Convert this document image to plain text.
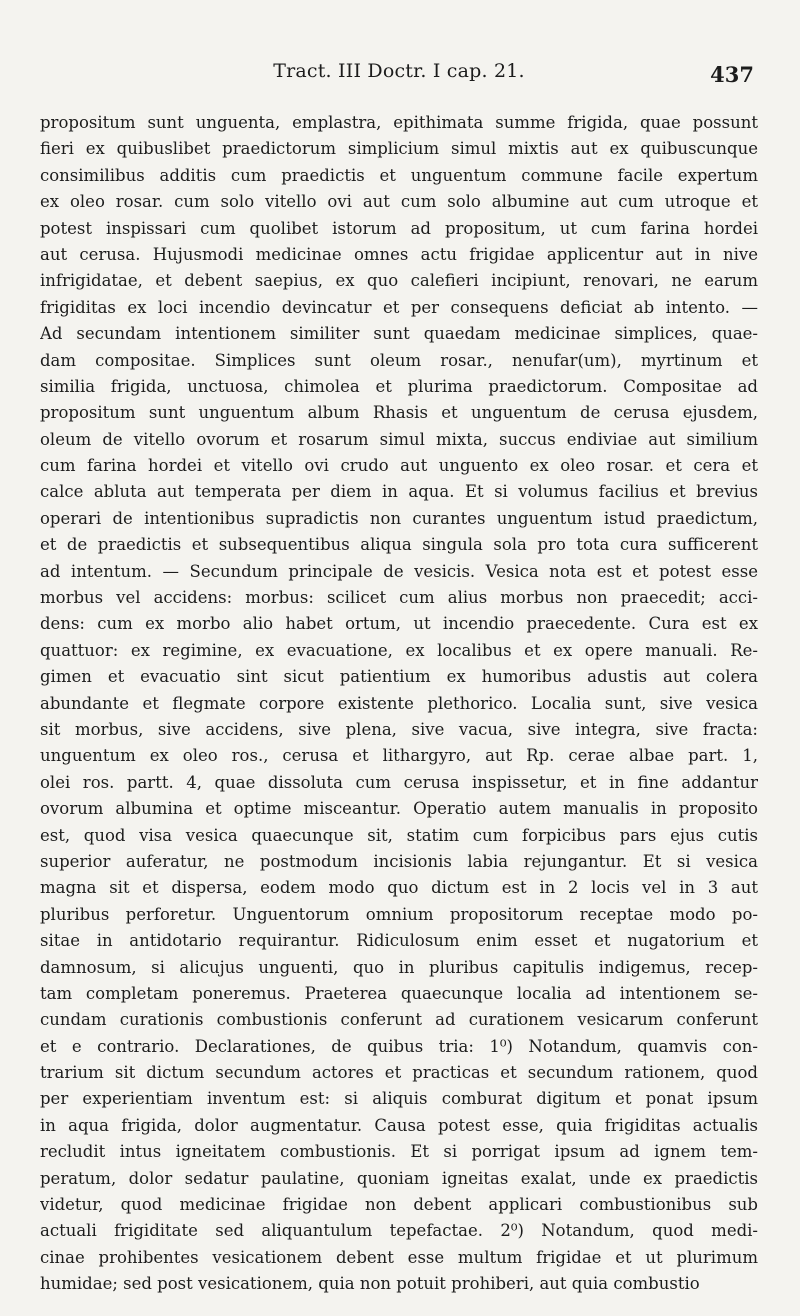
Tract. III Doctr. I cap. 21.	437
propositum sunt unguenta, emplastra, epithimata summe frigida, quae possunt
fieri ex quibuslibet praedictorum simplicium simul mixtis aut ex quibuscunque
consimilibus additis cum praedictis et unguentum commune facile expertum
ex oleo rosar. cum solo vitello ovi aut cum solo albumine aut cum utroque et
potest inspissari cum quolibet istorum ad propositum, ut cum farina hordei
aut cerusa. Hujusmodi medicinae omnes actu frigidae applicentur aut in nive
infrigidatae, et debent saepius, ex quo calefieri incipiunt, renovari, ne earum
frigiditas ex loci incendio devincatur et per consequens deficiat ab intento. —
Ad secundam intentionem similiter sunt quaedam medicinae simplices, quae-
dam compositae. Simplices sunt oleum rosar., nenufar(um), myrtinum et
similia frigida, unctuosa, chimolea et plurima praedictorum. Compositae ad
propositum sunt unguentum album Rhasis et unguentum de cerusa ejusdem,
oleum de vitello ovorum et rosarum simul mixta, succus endiviae aut similium
cum farina hordei et vitello ovi crudo aut unguento ex oleo rosar. et cera et
calce abluta aut temperata per diem in aqua. Et si volumus facilius et brevius
operari de intentionibus supradictis non curantes unguentum istud praedictum,
et de praedictis et subsequentibus aliqua singula sola pro tota cura sufficerent
ad intentum. — Secundum principale de vesicis. Vesica nota est et potest esse
morbus vel accidens: morbus: scilicet cum alius morbus non praecedit; acci-
dens: cum ex morbo alio habet ortum, ut incendio praecedente. Cura est ex
quattuor: ex regimine, ex evacuatione, ex localibus et ex opere manuali. Re-
gimen et evacuatio sint sicut patientium ex humoribus adustis aut colera
abundante et flegmate corpore existente plethorico. Localia sunt, sive vesica
sit morbus, sive accidens, sive plena, sive vacua, sive integra, sive fracta:
unguentum ex oleo ros., cerusa et lithargyro, aut Rp. cerae albae part. 1,
olei ros. partt. 4, quae dissoluta cum cerusa inspissetur, et in fine addantur
ovorum albumina et optime misceantur. Operatio autem manualis in proposito
est, quod visa vesica quaecunque sit, statim cum forpicibus pars ejus cutis
superior auferatur, ne postmodum incisionis labia rejungantur. Et si vesica
magna sit et dispersa, eodem modo quo dictum est in 2 locis vel in 3 aut
pluribus perforetur. Unguentorum omnium propositorum receptae modo po-
sitae in antidotario requirantur. Ridiculosum enim esset et nugatorium et
damnosum, si alicujus unguenti, quo in pluribus capitulis indigemus, recep-
tam completam poneremus. Praeterea quaecunque localia ad intentionem se-
cundam curationis combustionis conferunt ad curationem vesicarum conferunt
et e contrario. Declarationes, de quibus tria: 1⁰) Notandum, quamvis con-
trarium sit dictum secundum actores et practicas et secundum rationem, quod
per experientiam inventum est: si aliquis comburat digitum et ponat ipsum
in aqua frigida, dolor augmentatur. Causa potest esse, quia frigiditas actualis
recludit intus igneitatem combustionis. Et si porrigat ipsum ad ignem tem-
peratum, dolor sedatur paulatine, quoniam igneitas exalat, unde ex praedictis
videtur, quod medicinae frigidae non debent applicari combustionibus sub
actuali frigiditate sed aliquantulum tepefactae. 2⁰) Notandum, quod medi-
cinae prohibentes vesicationem debent esse multum frigidae et ut plurimum
humidae; sed post vesicationem, quia non potuit prohiberi, aut quia combustio
